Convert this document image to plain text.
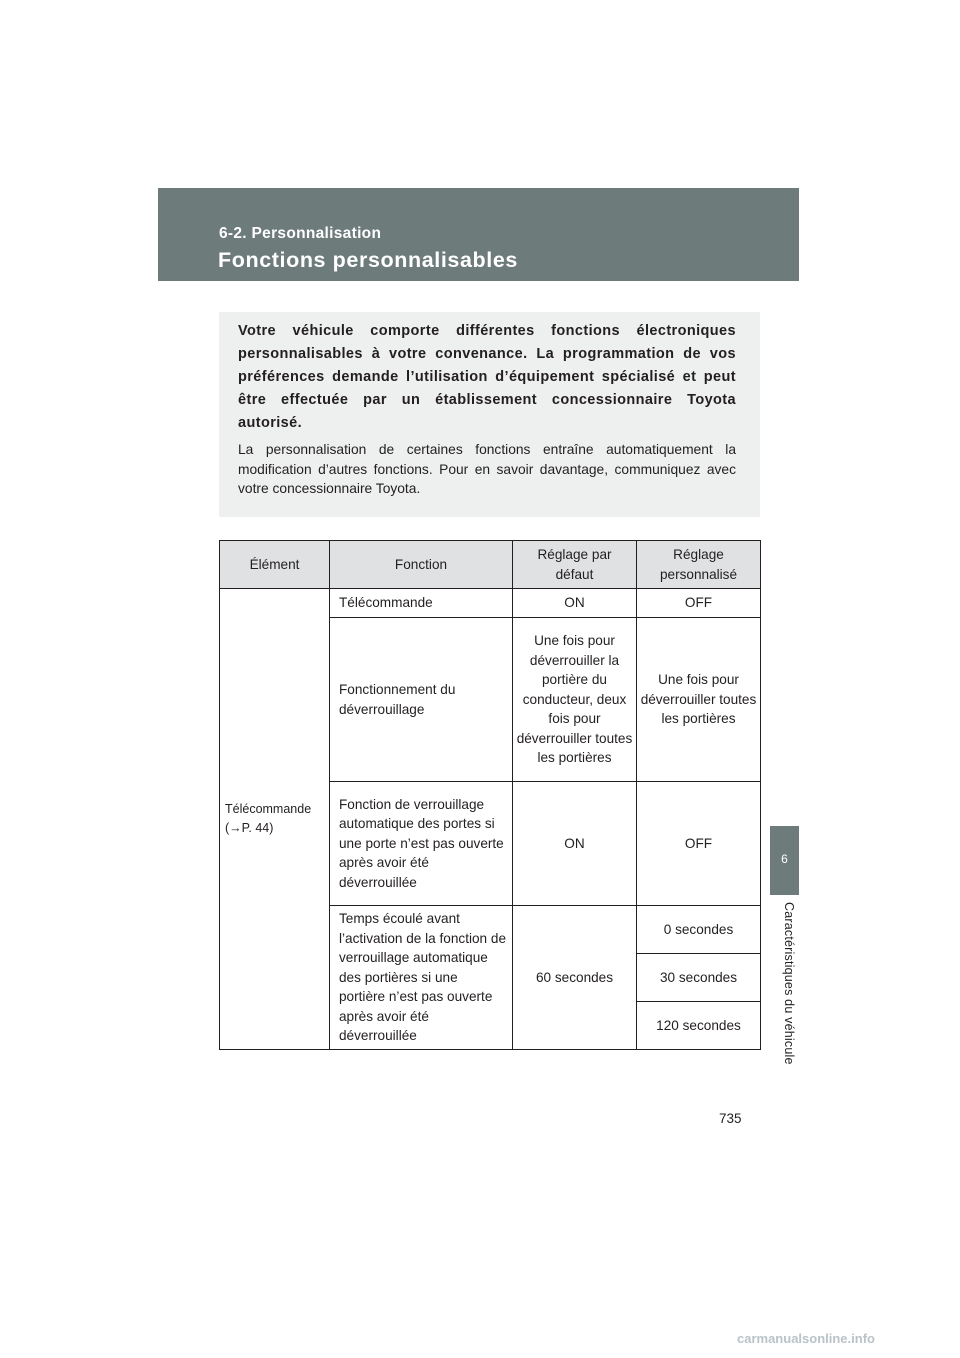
6-2. Personnalisation
Fonctions personnalisables
6
Caractéristiques du véhicule
Votre véhicule comporte différentes fonctions électroniques personnalisables à votre convenance. La programmation de vos préférences demande l’utilisation d’équipement spécialisé et peut être effectuée par un établissement concessionnaire Toyota autorisé.
La personnalisation de certaines fonctions entraîne automatiquement la modification d’autres fonctions. Pour en savoir davantage, communiquez avec votre concessionnaire Toyota.
Élément	Fonction	Réglage par défaut	Réglage personnalisé
Télécommande
(→P. 44)	Télécommande	ON	OFF
	Fonctionnement du déverrouillage	Une fois pour déverrouiller la portière du conducteur, deux fois pour déverrouiller toutes les portières	Une fois pour déverrouiller toutes les portières
	Fonction de verrouillage automatique des portes si une porte n’est pas ouverte après avoir été déverrouillée	ON	OFF
	Temps écoulé avant l’activation de la fonction de verrouillage automatique des portières si une portière n’est pas ouverte après avoir été déverrouillée	60 secondes	0 secondes
			30 secondes
			120 secondes
735
carmanualsonline.info
